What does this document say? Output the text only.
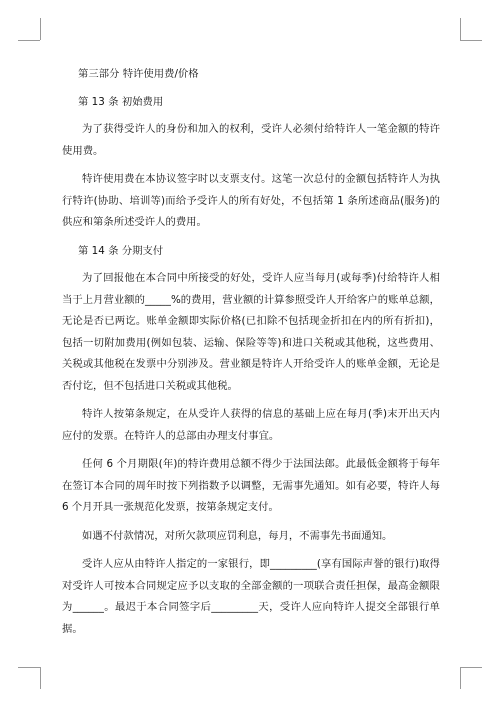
第三部分 特许使用费/价格

第 13 条 初始费用

为了获得受许人的身份和加入的权利，受许人必须付给特许人一笔金额的特许使用费。

特许使用费在本协议签字时以支票支付。这笔一次总付的金额包括特许人为执行特许(协助、培训等)而给予受许人的所有好处，不包括第 1 条所述商品(服务)的供应和第条所述受许人的费用。

第 14 条 分期支付

为了回报他在本合同中所接受的好处，受许人应当每月(或每季)付给特许人相当于上月营业额的_____%的费用，营业额的计算参照受许人开给客户的账单总额，无论是否已两讫。账单金额即实际价格(已扣除不包括现金折扣在内的所有折扣)，包括一切附加费用(例如包装、运输、保险等等)和进口关税或其他税，这些费用、关税或其他税在发票中分别涉及。营业额是特许人开给受许人的账单金额，无论是否付讫，但不包括进口关税或其他税。

特许人按第条规定，在从受许人获得的信息的基础上应在每月(季)末开出天内应付的发票。在特许人的总部由办理支付事宜。

任何 6 个月期限(年)的特许费用总额不得少于法国法郎。此最低金额将于每年在签订本合同的周年时按下列指数予以调整，无需事先通知。如有必要，特许人每 6 个月开具一张规范化发票，按第条规定支付。

如遇不付款情况，对所欠款项应罚利息，每月，不需事先书面通知。

受许人应从由特许人指定的一家银行，即_________(享有国际声誉的银行)取得对受许人可按本合同规定应予以支取的全部金额的一项联合责任担保，最高金额限为______。最迟于本合同签字后_________天，受许人应向特许人提交全部银行单据。
